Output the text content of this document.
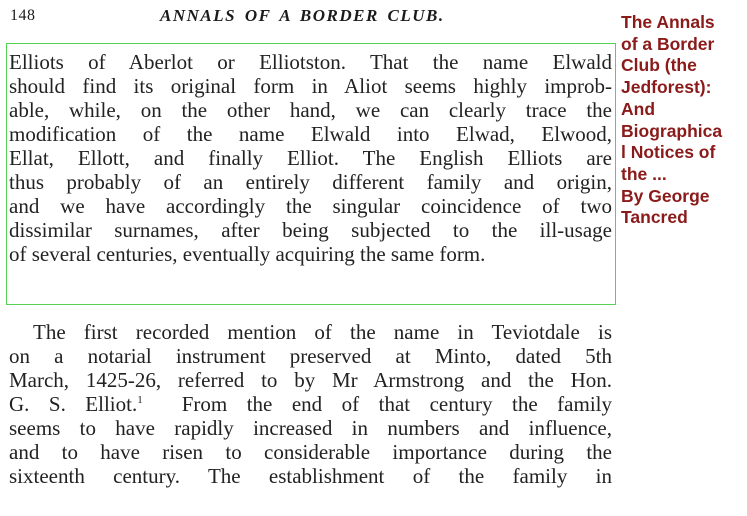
148	ANNALS OF A BORDER CLUB.

Elliots of Aberlot or Elliotston. That the name Elwald
should find its original form in Aliot seems highly improb-
able, while, on the other hand, we can clearly trace the
modification of the name Elwald into Elwad, Elwood,
Ellat, Ellott, and finally Elliot. The English Elliots are
thus probably of an entirely different family and origin,
and we have accordingly the singular coincidence of two
dissimilar surnames, after being subjected to the ill-usage
of several centuries, eventually acquiring the same form.

The first recorded mention of the name in Teviotdale is
on a notarial instrument preserved at Minto, dated 5th
March, 1425-26, referred to by Mr Armstrong and the Hon.
G. S. Elliot.$^1$ From the end of that century the family
seems to have rapidly increased in numbers and influence,
and to have risen to considerable importance during the
sixteenth century. The establishment of the family in

The Annals
of a Border
Club (the
Jedforest):
And
Biographica
l Notices of
the ...
By George
Tancred
